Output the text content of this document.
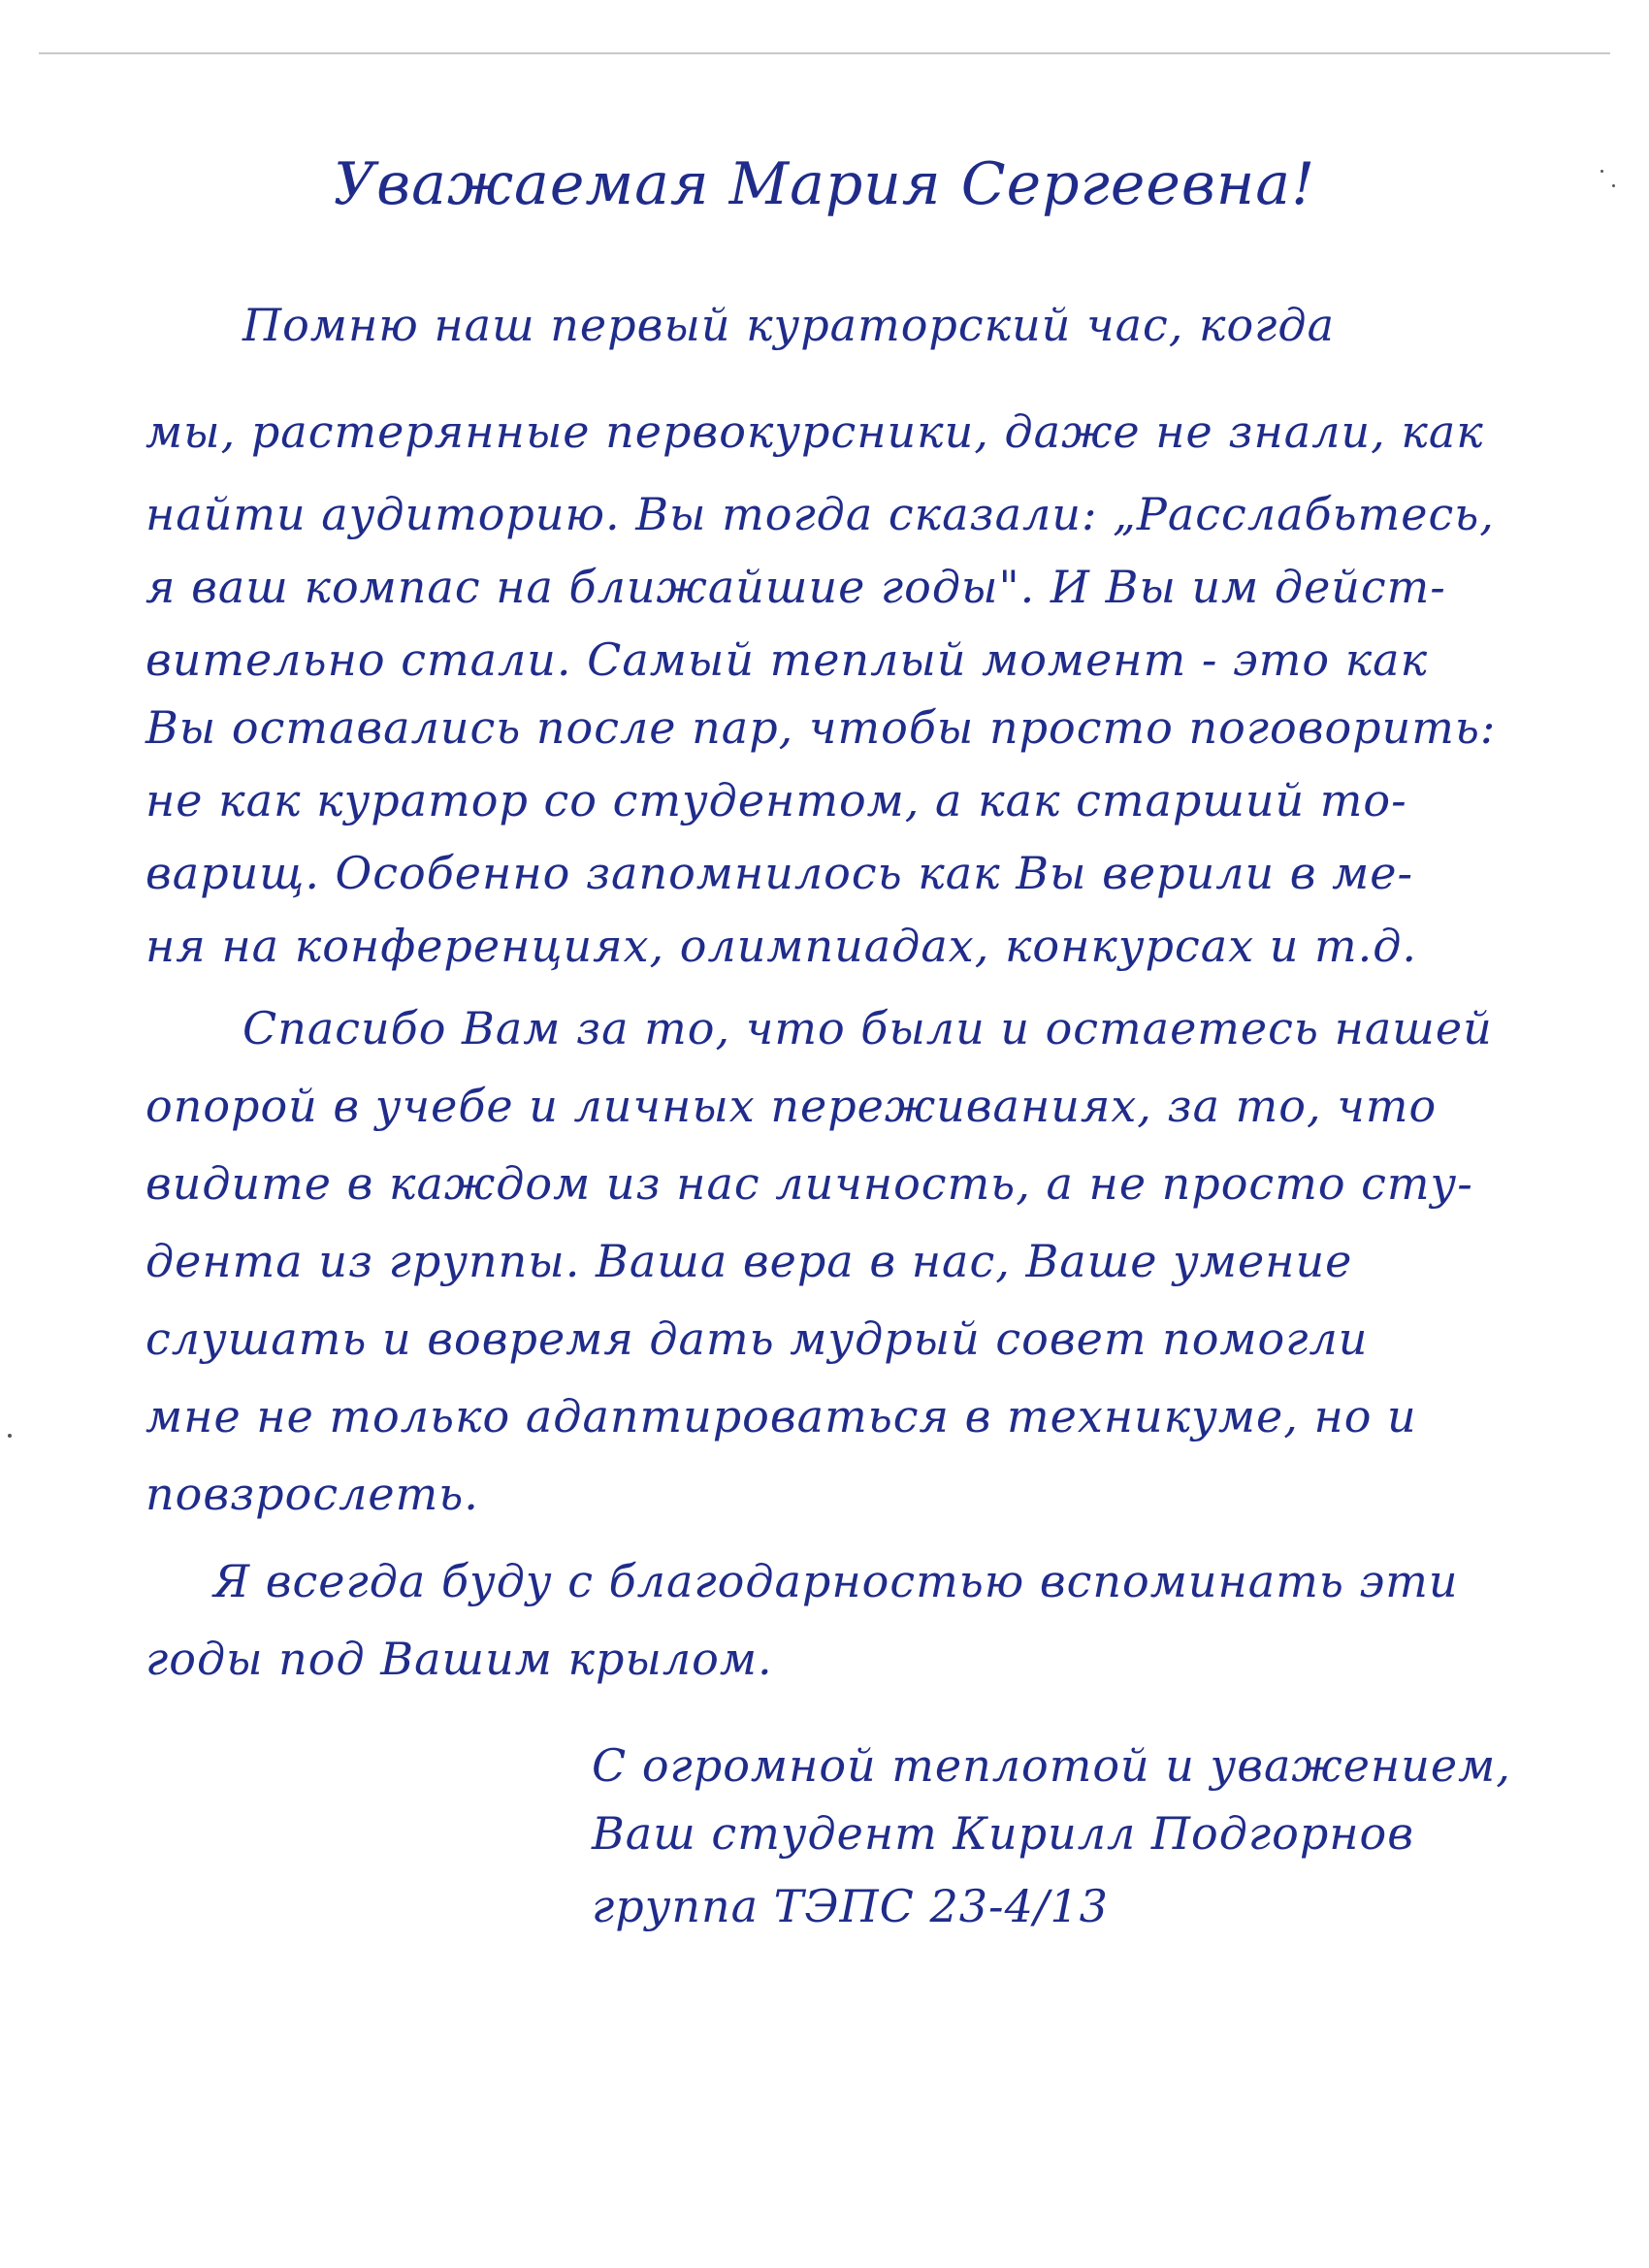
Уважаемая Мария Сергеевна!
Помню наш первый кураторский час, когда
мы, растерянные первокурсники, даже не знали, как
найти аудиторию. Вы тогда сказали: „Расслабьтесь,
я ваш компас на ближайшие годы". И Вы им дейст-
вительно стали. Самый теплый момент - это как
Вы оставались после пар, чтобы просто поговорить:
не как куратор со студентом, а как старший то-
варищ. Особенно запомнилось как Вы верили в ме-
ня на конференциях, олимпиадах, конкурсах и т.д.
Спасибо Вам за то, что были и остаетесь нашей
опорой в учебе и личных переживаниях, за то, что
видите в каждом из нас личность, а не просто сту-
дента из группы. Ваша вера в нас, Ваше умение
слушать и вовремя дать мудрый совет помогли
мне не только адаптироваться в техникуме, но и
повзрослеть.
Я всегда буду с благодарностью вспоминать эти
годы под Вашим крылом.
С огромной теплотой и уважением,
Ваш студент Кирилл Подгорнов
группа ТЭПС 23-4/13
